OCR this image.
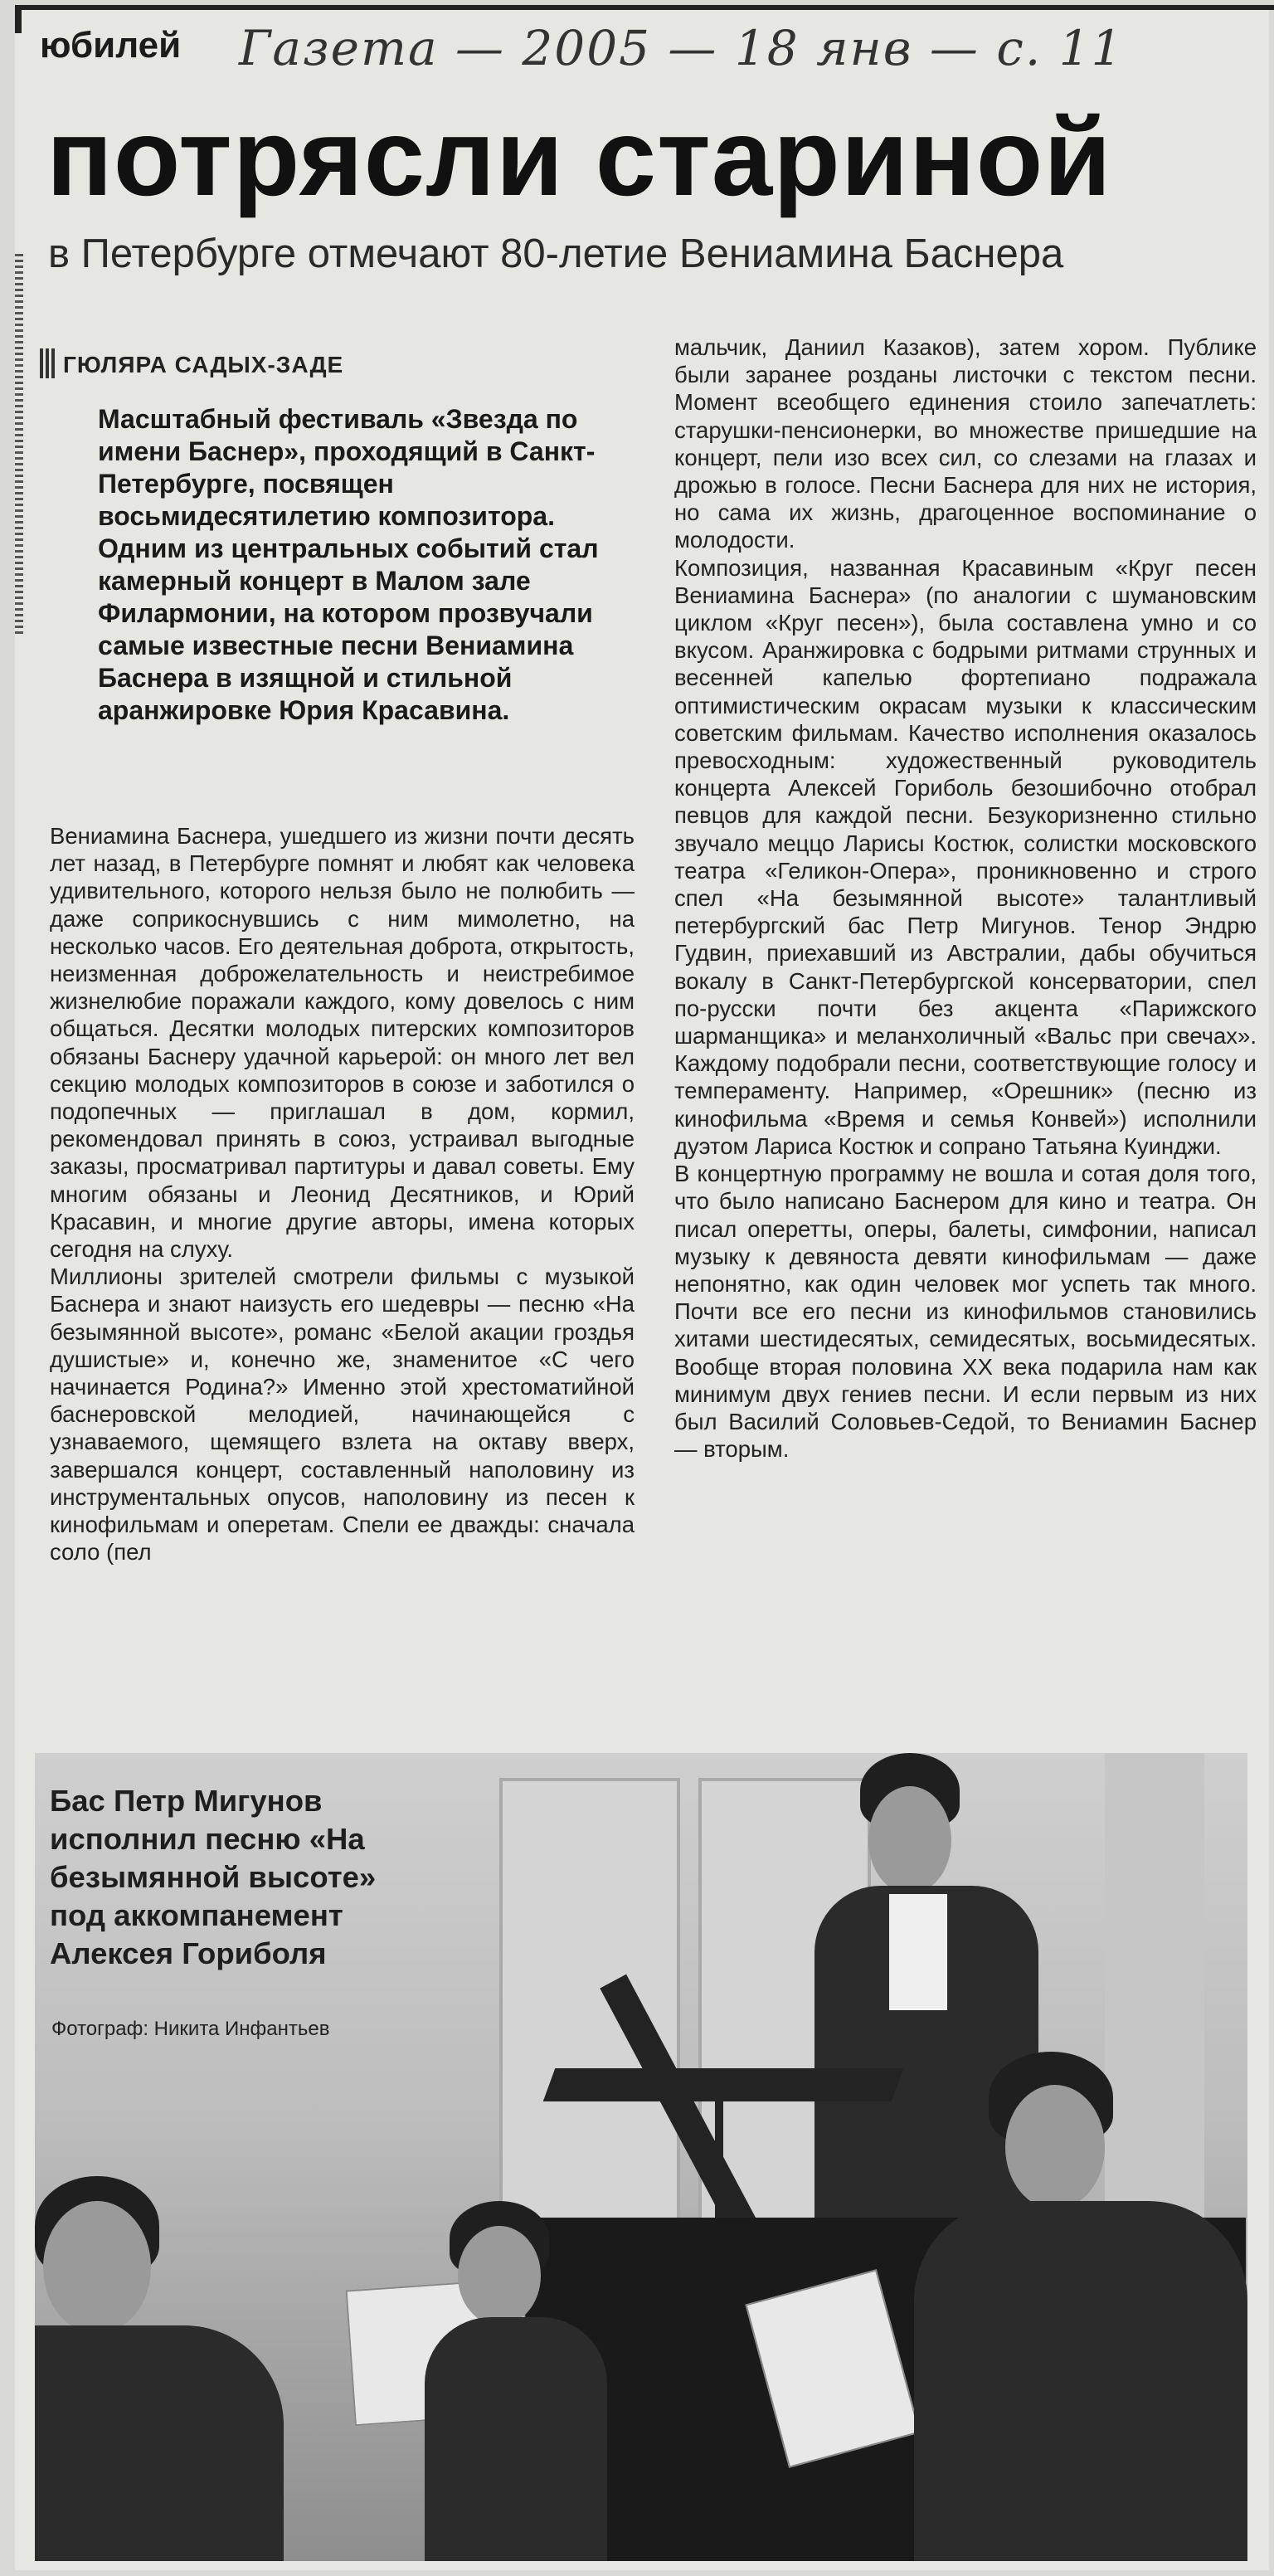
юбилей Газета — 2005 — 18 янв — с. 11
потрясли стариной
в Петербурге отмечают 80-летие Вениамина Баснера
ГЮЛЯРА САДЫХ-ЗАДЕ

Масштабный фестиваль «Звезда по имени Баснер», проходящий в Санкт-Петербурге, посвящен восьмидесятилетию композитора. Одним из центральных событий стал камерный концерт в Малом зале Филармонии, на котором прозвучали самые известные песни Вениамина Баснера в изящной и стильной аранжировке Юрия Красавина.

Вениамина Баснера, ушедшего из жизни почти десять лет назад, в Петербурге помнят и любят как человека удивительного, которого нельзя было не полюбить — даже соприкоснувшись с ним мимолетно, на несколько часов. Его деятельная доброта, открытость, неизменная доброжелательность и неистребимое жизнелюбие поражали каждого, кому довелось с ним общаться. Десятки молодых питерских композиторов обязаны Баснеру удачной карьерой: он много лет вел секцию молодых композиторов в союзе и заботился о подопечных — приглашал в дом, кормил, рекомендовал принять в союз, устраивал выгодные заказы, просматривал партитуры и давал советы. Ему многим обязаны и Леонид Десятников, и Юрий Красавин, и многие другие авторы, имена которых сегодня на слуху.

Миллионы зрителей смотрели фильмы с музыкой Баснера и знают наизусть его шедевры — песню «На безымянной высоте», романс «Белой акации гроздья душистые» и, конечно же, знаменитое «С чего начинается Родина?» Именно этой хрестоматийной баснеровской мелодией, начинающейся с узнаваемого, щемящего взлета на октаву вверх, завершался концерт, составленный наполовину из инструментальных опусов, наполовину из песен к кинофильмам и оперетам. Спели ее дважды: сначала соло (пел

мальчик, Даниил Казаков), затем хором. Публике были заранее розданы листочки с текстом песни. Момент всеобщего единения стоило запечатлеть: старушки-пенсионерки, во множестве пришедшие на концерт, пели изо всех сил, со слезами на глазах и дрожью в голосе. Песни Баснера для них не история, но сама их жизнь, драгоценное воспоминание о молодости.

Композиция, названная Красавиным «Круг песен Вениамина Баснера» (по аналогии с шумановским циклом «Круг песен»), была составлена умно и со вкусом. Аранжировка с бодрыми ритмами струнных и весенней капелью фортепиано подражала оптимистическим окрасам музыки к классическим советским фильмам. Качество исполнения оказалось превосходным: художественный руководитель концерта Алексей Гориболь безошибочно отобрал певцов для каждой песни. Безукоризненно стильно звучало меццо Ларисы Костюк, солистки московского театра «Геликон-Опера», проникновенно и строго спел «На безымянной высоте» талантливый петербургский бас Петр Мигунов. Тенор Эндрю Гудвин, приехавший из Австралии, дабы обучиться вокалу в Санкт-Петербургской консерватории, спел по-русски почти без акцента «Парижского шарманщика» и меланхоличный «Вальс при свечах». Каждому подобрали песни, соответствующие голосу и темпераменту. Например, «Орешник» (песню из кинофильма «Время и семья Конвей») исполнили дуэтом Лариса Костюк и сопрано Татьяна Куинджи.

В концертную программу не вошла и сотая доля того, что было написано Баснером для кино и театра. Он писал оперетты, оперы, балеты, симфонии, написал музыку к девяноста девяти кинофильмам — даже непонятно, как один человек мог успеть так много. Почти все его песни из кинофильмов становились хитами шестидесятых, семидесятых, восьмидесятых. Вообще вторая половина XX века подарила нам как минимум двух гениев песни. И если первым из них был Василий Соловьев-Седой, то Вениамин Баснер — вторым.

Бас Петр Мигунов исполнил песню «На безымянной высоте» под аккомпанемент Алексея Гориболя
Фотограф: Никита Инфантьев
